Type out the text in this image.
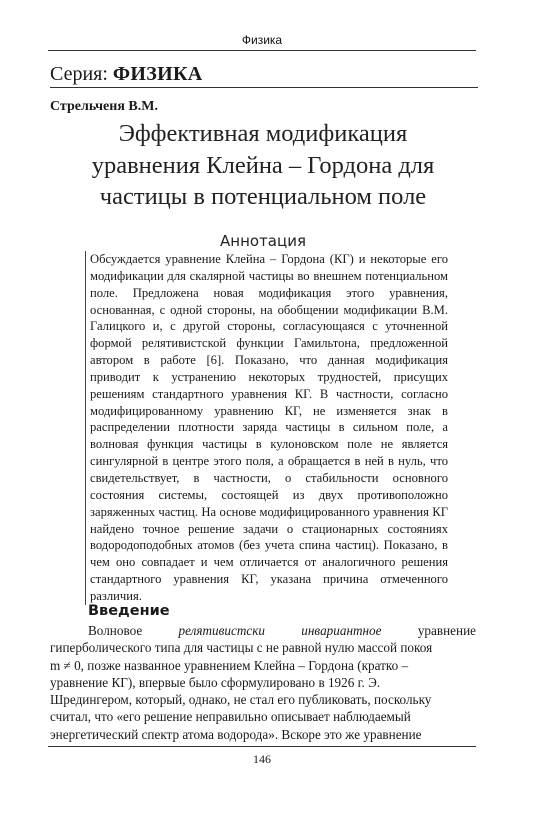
Физика
Серия: ФИЗИКА
Стрельченя В.М.
Эффективная модификация
уравнения Клейна – Гордона для
частицы в потенциальном поле
Аннотация

Обсуждается уравнение Клейна – Гордона (КГ) и некоторые его модификации для скалярной частицы во внешнем потенциальном поле. Предложена новая модификация этого уравнения, основанная, с одной стороны, на обобщении модификации В.М. Галицкого и, с другой стороны, согласующаяся с уточненной формой релятивистской функции Гамильтона, предложенной автором в работе [6]. Показано, что данная модификация приводит к устранению некоторых трудностей, присущих решениям стандартного уравнения КГ. В частности, согласно модифицированному уравнению КГ, не изменяется знак в распределении плотности заряда частицы в сильном поле, а волновая функция частицы в кулоновском поле не является сингулярной в центре этого поля, а обращается в ней в нуль, что свидетельствует, в частности, о стабильности основного состояния системы, состоящей из двух противоположно заряженных частиц. На основе модифицированного уравнения КГ найдено точное решение задачи о стационарных состояниях водородоподобных атомов (без учета спина частиц). Показано, в чем оно совпадает и чем отличается от аналогичного решения стандартного уравнения КГ, указана причина отмеченного различия.

Введение
Волновое	релятивистски	инвариантное	уравнение
гиперболического типа для частицы с не равной нулю массой покоя
m ≠ 0, позже названное уравнением Клейна – Гордона (кратко –
уравнение КГ), впервые было сформулировано в 1926 г. Э.
Шредингером, который, однако, не стал его публиковать, поскольку
считал, что «его решение неправильно описывает наблюдаемый
энергетический спектр атома водорода». Вскоре это же уравнение
146
